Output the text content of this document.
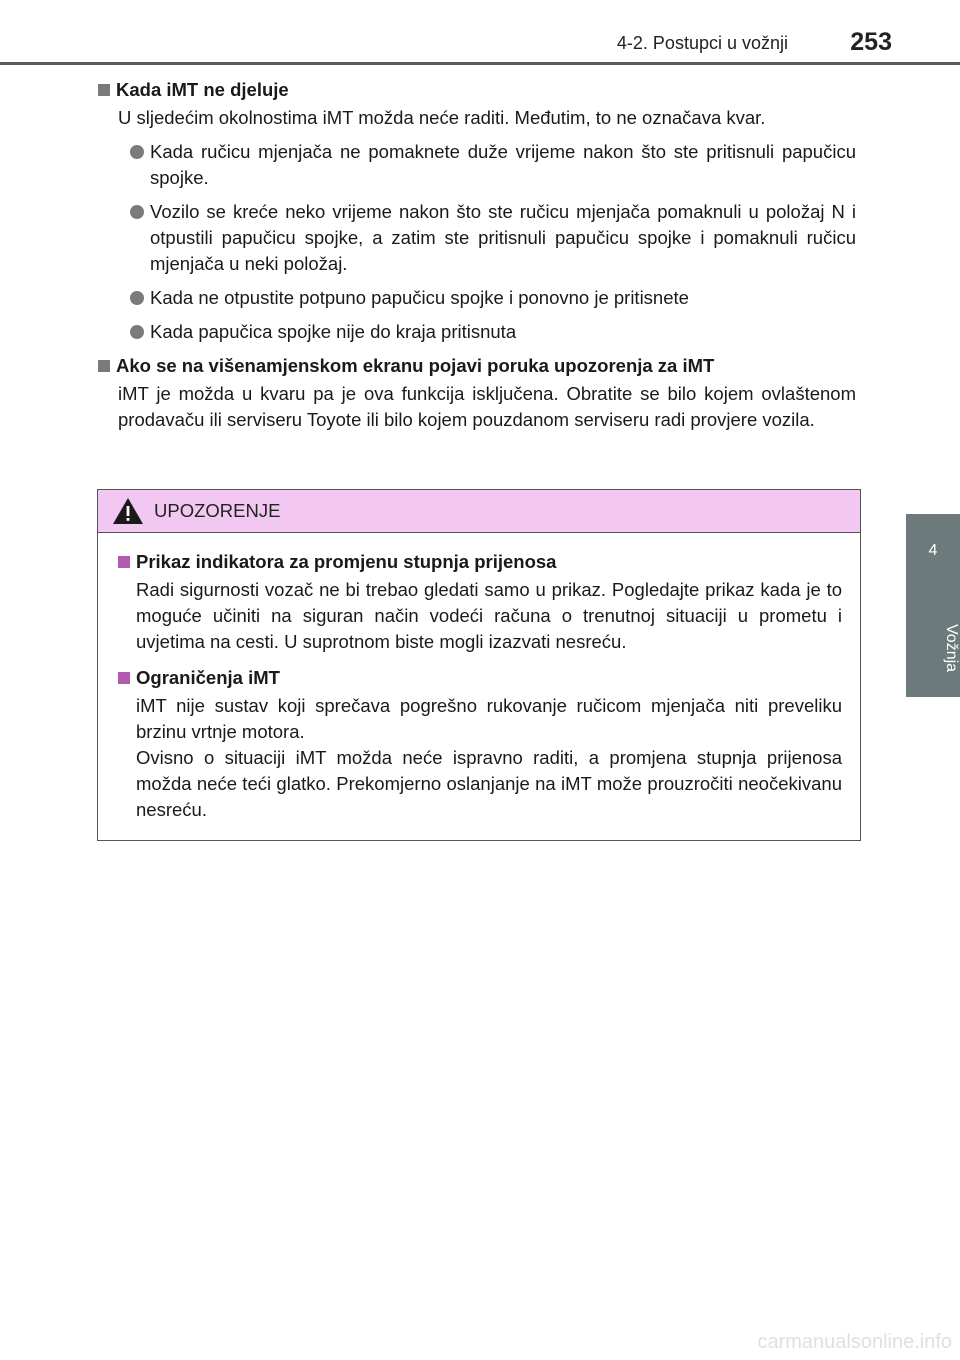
4-2. Postupci u vožnji 253
4
Vožnja
Kada iMT ne djeluje

U sljedećim okolnostima iMT možda neće raditi. Međutim, to ne označava kvar.

Kada ručicu mjenjača ne pomaknete duže vrijeme nakon što ste pritisnuli papučicu spojke.
Vozilo se kreće neko vrijeme nakon što ste ručicu mjenjača pomaknuli u položaj N i otpustili papučicu spojke, a zatim ste pritisnuli papučicu spojke i pomaknuli ručicu mjenjača u neki položaj.
Kada ne otpustite potpuno papučicu spojke i ponovno je pritisnete
Kada papučica spojke nije do kraja pritisnuta
Ako se na višenamjenskom ekranu pojavi poruka upozorenja za iMT

iMT je možda u kvaru pa je ova funkcija isključena. Obratite se bilo kojem ovlaštenom prodavaču ili serviseru Toyote ili bilo kojem pouzdanom serviseru radi provjere vozila.

UPOZORENJE
Prikaz indikatora za promjenu stupnja prijenosa

Radi sigurnosti vozač ne bi trebao gledati samo u prikaz. Pogledajte prikaz kada je to moguće učiniti na siguran način vodeći računa o trenutnoj situaciji u prometu i uvjetima na cesti. U suprotnom biste mogli izazvati nesreću.

Ograničenja iMT

iMT nije sustav koji sprečava pogrešno rukovanje ručicom mjenjača niti preveliku brzinu vrtnje motora.

Ovisno o situaciji iMT možda neće ispravno raditi, a promjena stupnja prijenosa možda neće teći glatko. Prekomjerno oslanjanje na iMT može prouzročiti neočekivanu nesreću.

carmanualsonline.info
